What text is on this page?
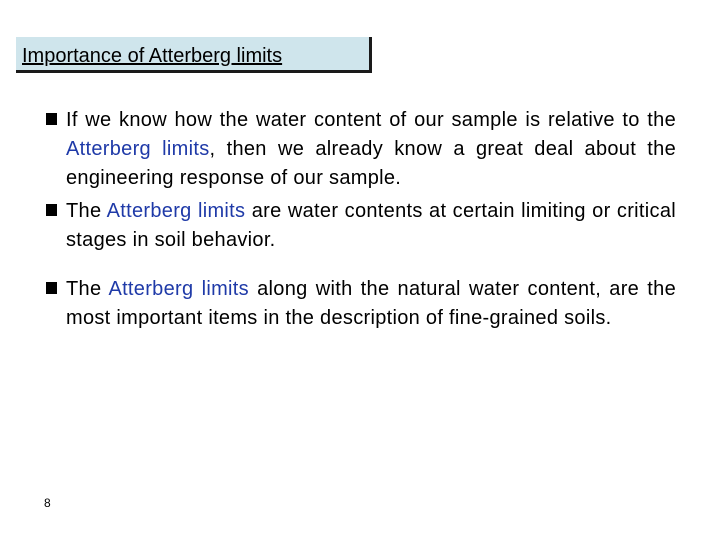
Importance of Atterberg limits
If we know how the water content of our sample is relative to the Atterberg limits, then we already know a great deal about the engineering response of our sample.
The Atterberg limits are water contents at certain limiting or critical stages in soil behavior.
The Atterberg limits along with the natural water content, are the most important items in the description of fine-grained soils.
8
